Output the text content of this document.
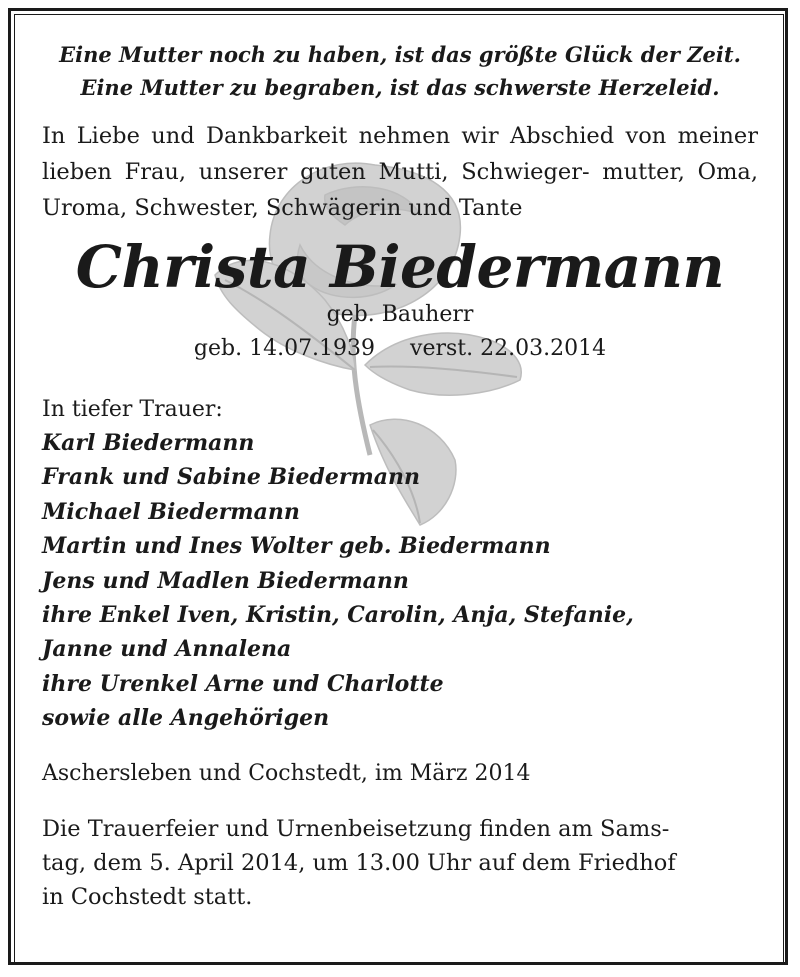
Eine Mutter noch zu haben, ist das größte Glück der Zeit.
Eine Mutter zu begraben, ist das schwerste Herzeleid.

In Liebe und Dankbarkeit nehmen wir Abschied von meiner lieben Frau, unserer guten Mutti, Schwieger- mutter, Oma, Uroma, Schwester, Schwägerin und Tante

Christa Biedermann

geb. Bauherr

geb. 14.07.1939 verst. 22.03.2014

In tiefer Trauer:

Karl Biedermann
Frank und Sabine Biedermann
Michael Biedermann
Martin und Ines Wolter geb. Biedermann
Jens und Madlen Biedermann
ihre Enkel Iven, Kristin, Carolin, Anja, Stefanie,
Janne und Annalena
ihre Urenkel Arne und Charlotte
sowie alle Angehörigen

Aschersleben und Cochstedt, im März 2014

Die Trauerfeier und Urnenbeisetzung finden am Sams-
tag, dem 5. April 2014, um 13.00 Uhr auf dem Friedhof
in Cochstedt statt.
